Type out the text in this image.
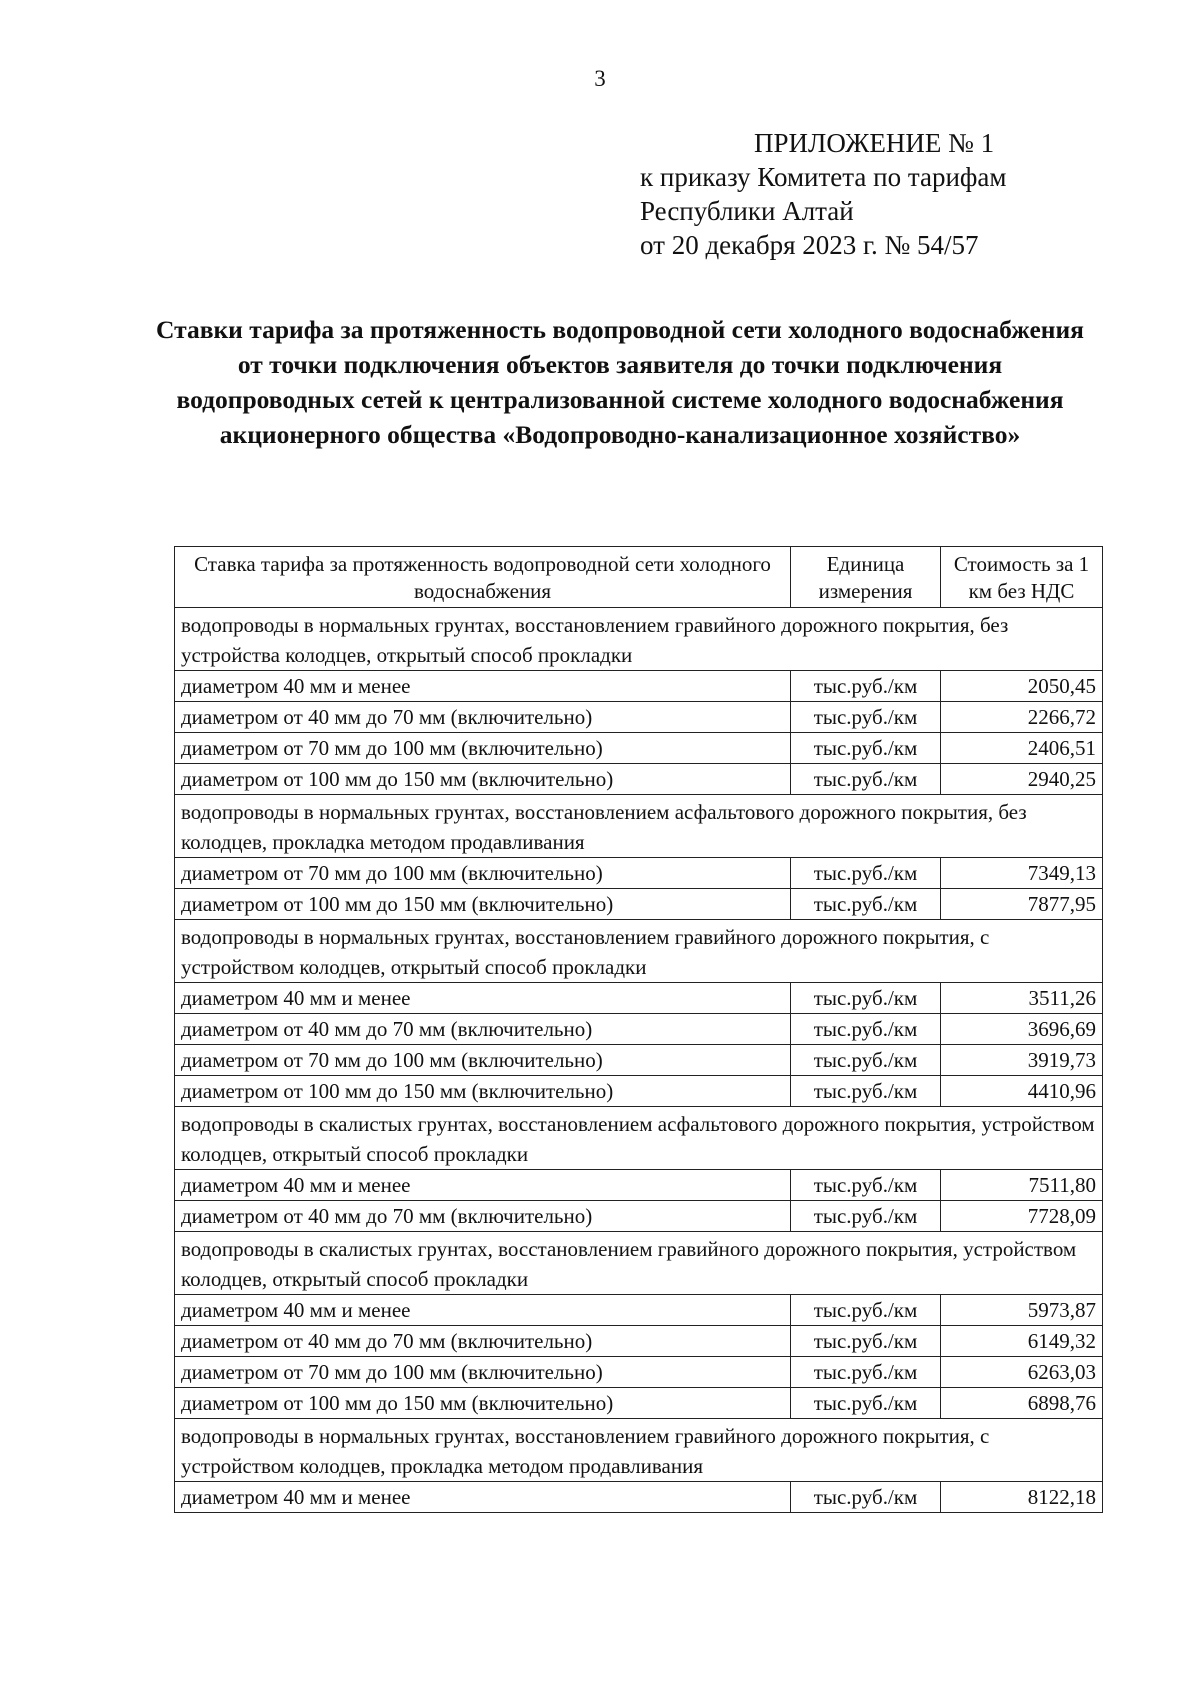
3
ПРИЛОЖЕНИЕ № 1
к приказу Комитета по тарифам
Республики Алтай
от 20 декабря 2023 г. № 54/57
Ставки тарифа за протяженность водопроводной сети холодного водоснабжения от точки подключения объектов заявителя до точки подключения водопроводных сетей к централизованной системе холодного водоснабжения акционерного общества «Водопроводно-канализационное хозяйство»
Ставка тарифа за протяженность водопроводной сети холодного водоснабжения	Единица измерения	Стоимость за 1 км без НДС
водопроводы в нормальных грунтах, восстановлением гравийного дорожного покрытия, без устройства колодцев, открытый способ прокладки		
диаметром 40 мм и менее	тыс.руб./км	2050,45
диаметром от 40 мм до 70 мм (включительно)	тыс.руб./км	2266,72
диаметром от 70 мм до 100 мм (включительно)	тыс.руб./км	2406,51
диаметром от 100 мм до 150 мм (включительно)	тыс.руб./км	2940,25
водопроводы в нормальных грунтах, восстановлением асфальтового дорожного покрытия, без колодцев, прокладка методом продавливания		
диаметром от 70 мм до 100 мм (включительно)	тыс.руб./км	7349,13
диаметром от 100 мм до 150 мм (включительно)	тыс.руб./км	7877,95
водопроводы в нормальных грунтах, восстановлением гравийного дорожного покрытия, с устройством колодцев, открытый способ прокладки		
диаметром 40 мм и менее	тыс.руб./км	3511,26
диаметром от 40 мм до 70 мм (включительно)	тыс.руб./км	3696,69
диаметром от 70 мм до 100 мм (включительно)	тыс.руб./км	3919,73
диаметром от 100 мм до 150 мм (включительно)	тыс.руб./км	4410,96
водопроводы в скалистых грунтах, восстановлением асфальтового дорожного покрытия, устройством колодцев, открытый способ прокладки		
диаметром 40 мм и менее	тыс.руб./км	7511,80
диаметром от 40 мм до 70 мм (включительно)	тыс.руб./км	7728,09
водопроводы в скалистых грунтах, восстановлением гравийного дорожного покрытия, устройством колодцев, открытый способ прокладки		
диаметром 40 мм и менее	тыс.руб./км	5973,87
диаметром от 40 мм до 70 мм (включительно)	тыс.руб./км	6149,32
диаметром от 70 мм до 100 мм (включительно)	тыс.руб./км	6263,03
диаметром от 100 мм до 150 мм (включительно)	тыс.руб./км	6898,76
водопроводы в нормальных грунтах, восстановлением гравийного дорожного покрытия, с устройством колодцев, прокладка методом продавливания		
диаметром 40 мм и менее	тыс.руб./км	8122,18
